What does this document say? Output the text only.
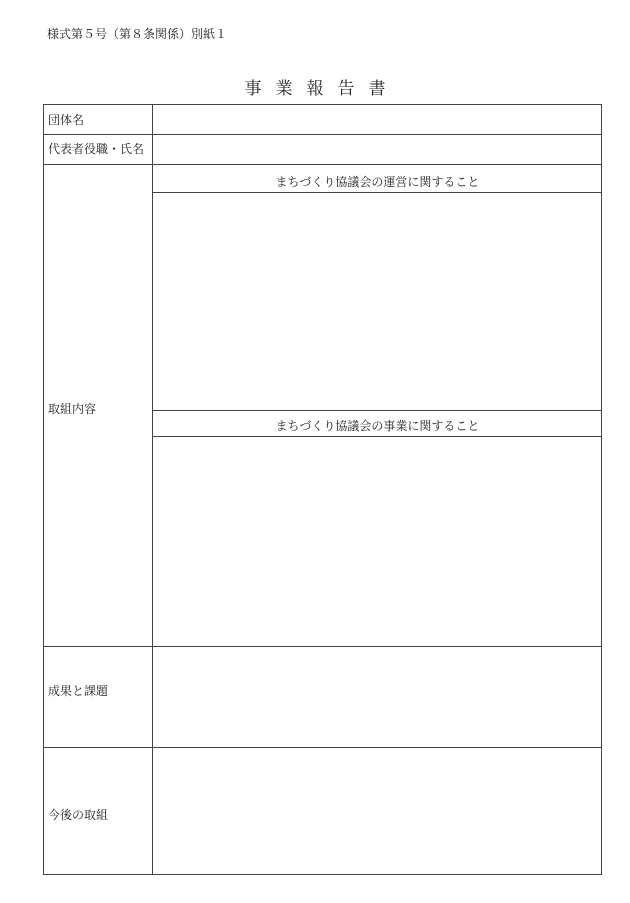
様式第５号（第８条関係）別紙１
事業報告書
団体名
代表者役職・氏名
取組内容
成果と課題
今後の取組
まちづくり協議会の運営に関すること
まちづくり協議会の事業に関すること
